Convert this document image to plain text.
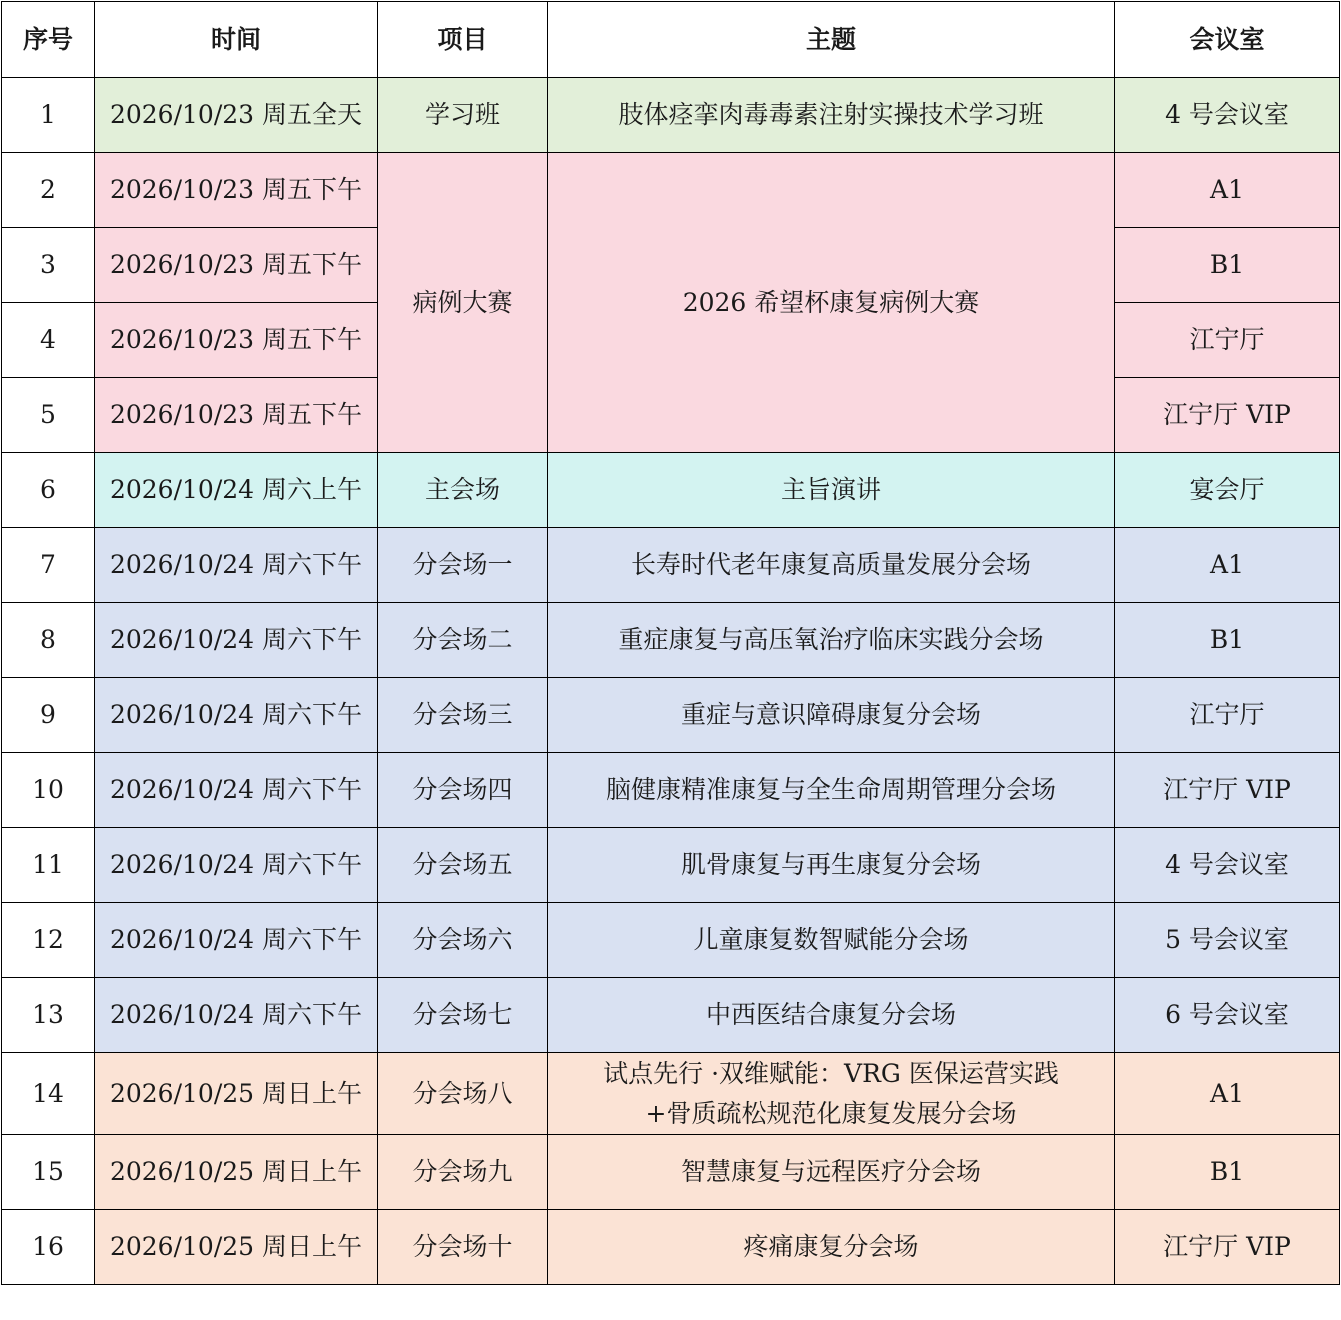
序号	时间	项目	主题	会议室
1	2026/10/23 周五全天	学习班	肢体痉挛肉毒毒素注射实操技术学习班	4 号会议室
2	2026/10/23 周五下午	病例大赛	2026 希望杯康复病例大赛	A1
3	2026/10/23 周五下午			B1
4	2026/10/23 周五下午			江宁厅
5	2026/10/23 周五下午			江宁厅 VIP
6	2026/10/24 周六上午	主会场	主旨演讲	宴会厅
7	2026/10/24 周六下午	分会场一	长寿时代老年康复高质量发展分会场	A1
8	2026/10/24 周六下午	分会场二	重症康复与高压氧治疗临床实践分会场	B1
9	2026/10/24 周六下午	分会场三	重症与意识障碍康复分会场	江宁厅
10	2026/10/24 周六下午	分会场四	脑健康精准康复与全生命周期管理分会场	江宁厅 VIP
11	2026/10/24 周六下午	分会场五	肌骨康复与再生康复分会场	4 号会议室
12	2026/10/24 周六下午	分会场六	儿童康复数智赋能分会场	5 号会议室
13	2026/10/24 周六下午	分会场七	中西医结合康复分会场	6 号会议室
14	2026/10/25 周日上午	分会场八	试点先行 ·双维赋能：VRG 医保运营实践
+骨质疏松规范化康复发展分会场	A1
15	2026/10/25 周日上午	分会场九	智慧康复与远程医疗分会场	B1
16	2026/10/25 周日上午	分会场十	疼痛康复分会场	江宁厅 VIP
